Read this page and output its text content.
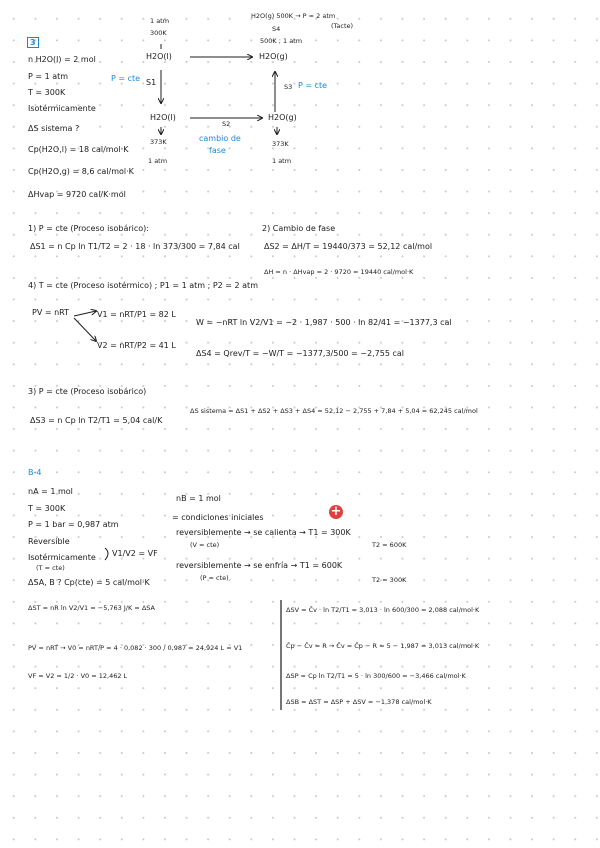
3
n H2O(l) = 2 mol
P = 1 atm
T = 300K
Isotérmicamente
ΔS sistema ?
Cp(H2O,l) = 18 cal/mol·K
Cp(H2O,g) = 8,6 cal/mol·K
ΔHvap = 9720 cal/K·mol
1 atm
300K
H2O(l)
H2O(g) 500K → P = 2 atm
(Tacte)
S4
500K ; 1 atm
H2O(g)
P = cte S1	S3 P = cte
H2O(l)
373K
1 atm
S2
cambio de
fase
H2O(g)
373K
1 atm
1) P = cte (Proceso isobárico):
ΔS1 = n Cp ln T1/T2 = 2 · 18 · ln 373/300 = 7,84 cal
2) Cambio de fase
ΔS2 = ΔH/T = 19440/373 = 52,12 cal/mol
ΔH = n · ΔHvap = 2 · 9720 = 19440 cal/mol·K
4) T = cte (Proceso isotérmico) ; P1 = 1 atm ; P2 = 2 atm
PV = nRT	V1 = nRT/P1 = 82 L
V2 = nRT/P2 = 41 L
W = −nRT ln V2/V1 = −2 · 1,987 · 500 · ln 82/41 = −1377,3 cal
ΔS4 = Qrev/T = −W/T = −1377,3/500 = −2,755 cal
3) P = cte (Proceso isobárico)
ΔS3 = n Cp ln T2/T1 = 5,04 cal/K
ΔS sistema = ΔS1 + ΔS2 + ΔS3 + ΔS4 = 52,12 − 2,755 + 7,84 + 5,04 = 62,245 cal/mol
B-4
nA = 1 mol
T = 300K
P = 1 bar = 0,987 atm
Reversible
Isotérmicamente
(T = cte)
V1/V2 = VF
ΔSA, B ? Cp(cte) = 5 cal/mol·K
nB = 1 mol
= condiciones iniciales
reversiblemente → se calienta → T1 = 300K
(V = cte)	T2 = 600K
reversiblemente → se enfría → T1 = 600K
(P = cte)	T2 = 300K
+
ΔST = nR ln V2/V1 = −5,763 J/K = ΔSA
PV = nRT → V0 = nRT/P = 4 · 0,082 · 300 / 0,987 = 24,924 L = V1
VF = V2 = 1/2 · V0 = 12,462 L
ΔSV = C̄v · ln T2/T1 = 3,013 · ln 600/300 = 2,088 cal/mol·K
C̄p − C̄v = R → C̄v = C̄p − R = 5 − 1,987 = 3,013 cal/mol·K
ΔSP = Cp ln T2/T1 = 5 · ln 300/600 = −3,466 cal/mol·K
ΔSB = ΔST = ΔSP + ΔSV = −1,378 cal/mol·K
